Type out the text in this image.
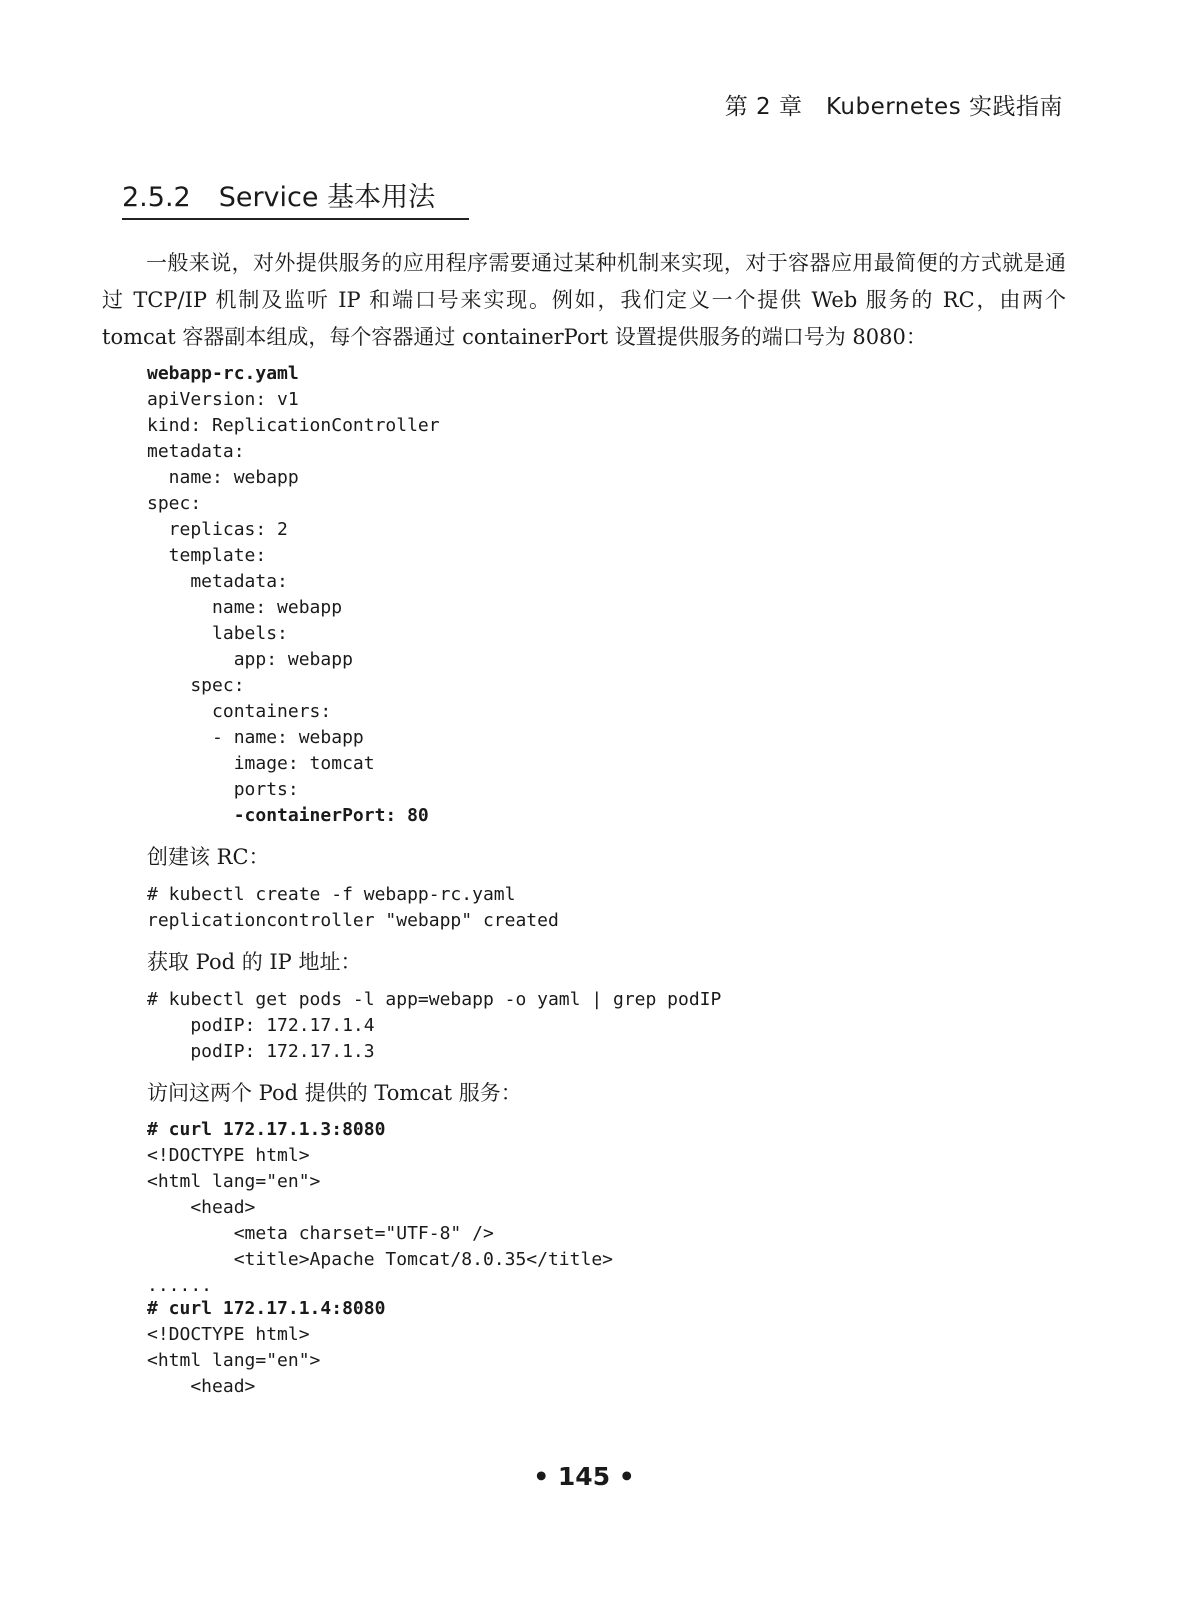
第 2 章　Kubernetes 实践指南
2.5.2 Service 基本用法
一般来说，对外提供服务的应用程序需要通过某种机制来实现，对于容器应用最简便的方式就是通过 TCP/IP 机制及监听 IP 和端口号来实现。例如，我们定义一个提供 Web 服务的 RC，由两个 tomcat 容器副本组成，每个容器通过 containerPort 设置提供服务的端口号为 8080：
webapp-rc.yaml
apiVersion: v1
kind: ReplicationController
metadata:
name: webapp
spec:
replicas: 2
template:
metadata:
name: webapp
labels:
app: webapp
spec:
containers:
- name: webapp
image: tomcat
ports:
-containerPort: 80
创建该 RC：
# kubectl create -f webapp-rc.yaml
replicationcontroller "webapp" created
获取 Pod 的 IP 地址：
# kubectl get pods -l app=webapp -o yaml | grep podIP
podIP: 172.17.1.4
podIP: 172.17.1.3
访问这两个 Pod 提供的 Tomcat 服务：
# curl 172.17.1.3:8080
<!DOCTYPE html>
<html lang="en">
<head>
<meta charset="UTF-8" />
<title>Apache Tomcat/8.0.35</title>
......
# curl 172.17.1.4:8080
<!DOCTYPE html>
<html lang="en">
<head>
• 145 •
